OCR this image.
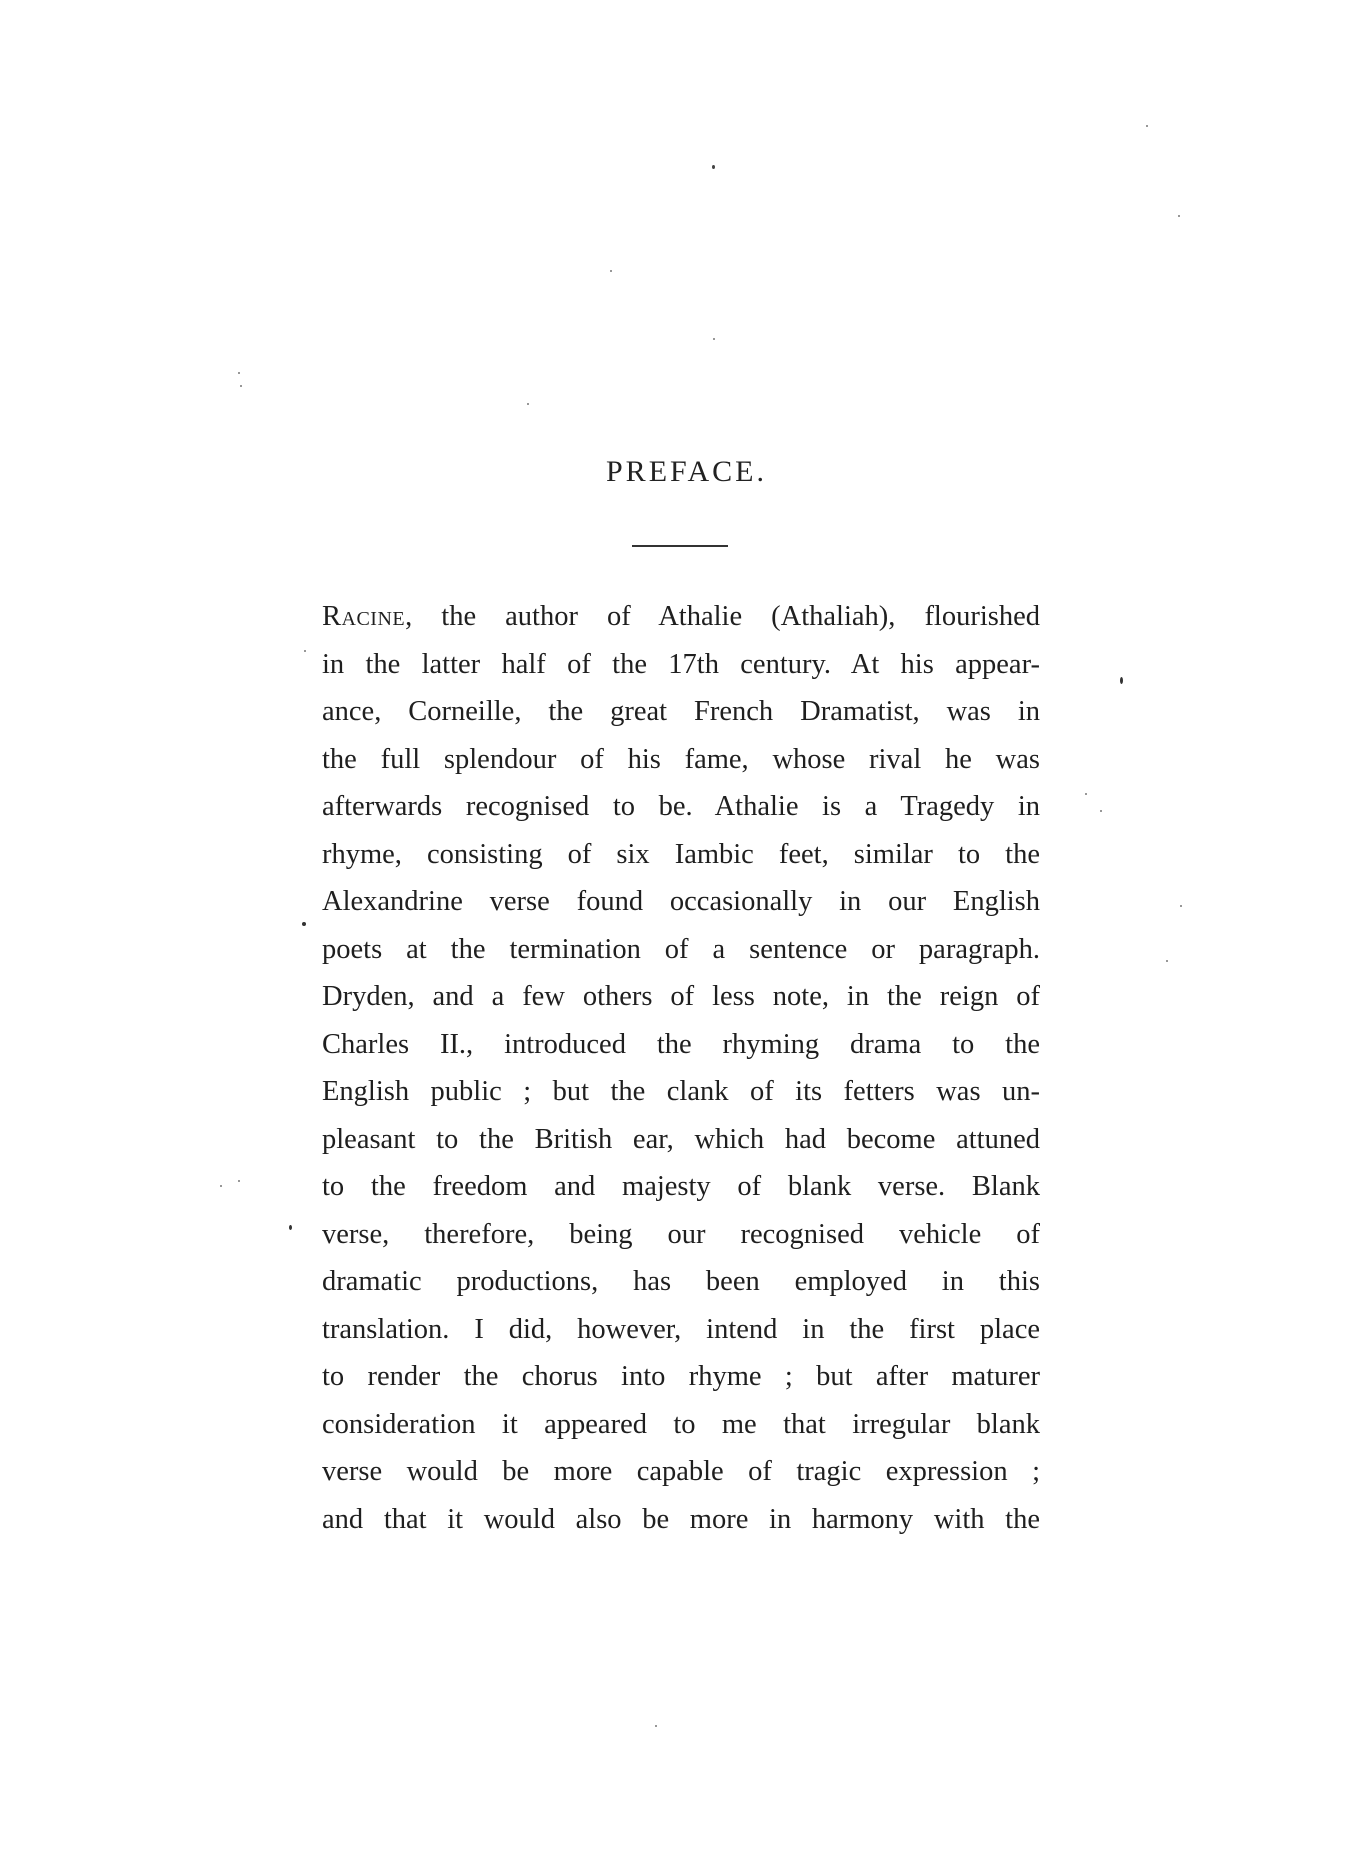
PREFACE.
Racine, the author of Athalie (Athaliah), flourished
in the latter half of the 17th century. At his appear-
ance, Corneille, the great French Dramatist, was in
the full splendour of his fame, whose rival he was
afterwards recognised to be. Athalie is a Tragedy in
rhyme, consisting of six Iambic feet, similar to the
Alexandrine verse found occasionally in our English
poets at the termination of a sentence or paragraph.
Dryden, and a few others of less note, in the reign of
Charles II., introduced the rhyming drama to the
English public ; but the clank of its fetters was un-
pleasant to the British ear, which had become attuned
to the freedom and majesty of blank verse. Blank
verse, therefore, being our recognised vehicle of
dramatic productions, has been employed in this
translation. I did, however, intend in the first place
to render the chorus into rhyme ; but after maturer
consideration it appeared to me that irregular blank
verse would be more capable of tragic expression ;
and that it would also be more in harmony with the
